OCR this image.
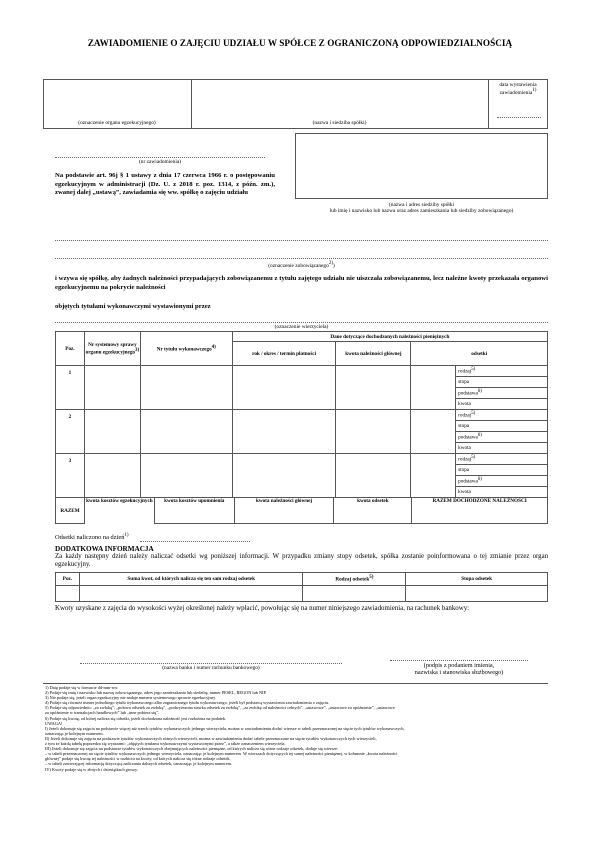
ZAWIADOMIENIE O ZAJĘCIU UDZIAŁU W SPÓŁCE Z OGRANICZONĄ ODPOWIEDZIALNOŚCIĄ
(oznaczenie organu egzekucyjnego)	(nazwa i siedziba spółki)
data wystawienia
zawiadomienia$^{1)}$
(nr zawiadomienia)
Na podstawie art. 96j § 1 ustawy z dnia 17 czerwca 1966 r. o postępowaniu egzekucyjnym w administracji (Dz. U. z 2018 r. poz. 1314, z późn. zm.), zwanej dalej „ustawą”, zawiadamia się ww. spółkę o zajęciu udziału
(nazwa i adres siedziby spółki
lub imię i nazwisko lub nazwa oraz adres zamieszkania lub siedziby zobowiązanego)
(oznaczenie zobowiązanego$^{2)}$)
i wzywa się spółkę, aby żadnych należności przypadających zobowiązanemu z tytułu zajętego udziału nie uiszczała zobowiązanemu, lecz należne kwoty przekazała organowi egzekucyjnemu na pokrycie należności
objętych tytułami wykonawczymi wystawionymi przez
(oznaczenie wierzyciela)
Poz.	Nr systemowy sprawy organu egzekucyjnego$^{3)}$	Nr tytułu wykonawczego$^{4)}$	Dane dotyczące dochodzonych należności pieniężnych			
			rok / okres / termin płatności	kwota należności głównej	odsetki	
1						rodzaj$^{5)}$
						stopa
						podstawa$^{6)}$
						kwota
2						rodzaj$^{5)}$
						stopa
						podstawa$^{6)}$
						kwota
3						rodzaj$^{5)}$
						stopa
						podstawa$^{6)}$
						kwota
RAZEM	kwota kosztów egzekucyjnych	kwota kosztów upomnienia	kwota należności głównej	kwota odsetek	RAZEM DOCHODZONE NALEŻNOŚCI
Odsetki naliczono na dzień$^{1)}$
DODATKOWA INFORMACJA
Za każdy następny dzień należy naliczać odsetki wg poniższej informacji. W przypadku zmiany stopy odsetek, spółka zostanie poinformowana o tej zmianie przez organ egzekucyjny.
Poz.	Suma kwot, od których nalicza się ten sam rodzaj odsetek	Rodzaj odsetek$^{5)}$	Stopa odsetek

Kwoty uzyskane z zajęcia do wysokości wyżej określonej należy wpłacić, powołując się na numer niniejszego zawiadomienia, na rachunek bankowy:
(nazwa banku i numer rachunku bankowego)	(podpis z podaniem imienia,
nazwiska i stanowiska służbowego)
1) Datę podaje się w formacie dd-mm-rrrr.
2) Podaje się imię i nazwisko lub nazwę zobowiązanego, adres jego zamieszkania lub siedzibę, numer PESEL, REGON lub NIP.
3) Nie podaje się, jeżeli organ egzekucyjny nie nadaje numeru systemowego sprawie egzekucyjnej.
4) Podaje się również numer jednolitego tytułu wykonawczego albo zagranicznego tytułu wykonawczego, jeżeli był podstawą wystawienia zawiadomienia o zajęciu.
5) Podaje się odpowiednio: „za zwłokę”, „połowa odsetek za zwłokę”, „podwyższona stawka odsetek za zwłokę”, „za zwłokę od należności celnych”, „ustawowe”, „ustawowe za opóźnienie”, „ustawowe
za opóźnienie w transakcjach handlowych” lub „inne pobiera się”.
6) Podaje się kwotę, od której nalicza się odsetki, jeżeli dochodzona należność jest rozłożona na podatek.
UWAGA!
I) Jeżeli dokonuje się zajęcia na podstawie więcej niż trzech tytułów wykonawczych jednego wierzyciela, można w zawiadomieniu dodać wiersze w tabeli przeznaczonej na sięcie tych tytułów wykonawczych,
oznaczając je kolejnym numerem.
II) Jeżeli dokonuje się zajęcia na podstawie tytułów wykonawczych różnych wierzycieli, można w zawiadomieniu dodać tabele przeznaczone na sięcie tytułów wykonawczych tych wierzycieli,
z tym że każdą tabelę poprzedza się wyrazami: „objętych tytułami wykonawczymi wystawionymi przez”, a także oznaczeniem wierzyciela.
III) Jeżeli dokonuje się zajęcia na podstawie tytułów wykonawczych obejmujących należności pieniężne, od których nalicza się różne rodzaje odsetek, dodaje się wiersze:
– w tabeli przeznaczonej na sięcie tytułów wykonawczych jednego wierzyciela, oznaczając je kolejnym numerem. W wierszach dotyczących tej samej należności pieniężnej, w kolumnie „kwota należności
głównej” podaje się kwotę tej należności w rozbiciu na kwoty, od których nalicza się różne rodzaje odsetek,
– w tabeli zawierającej informację dotyczącą naliczania dalszych odsetek, oznaczając je kolejnym numerem.
IV) Kwoty podaje się w złotych i dziesiątkach groszy.
